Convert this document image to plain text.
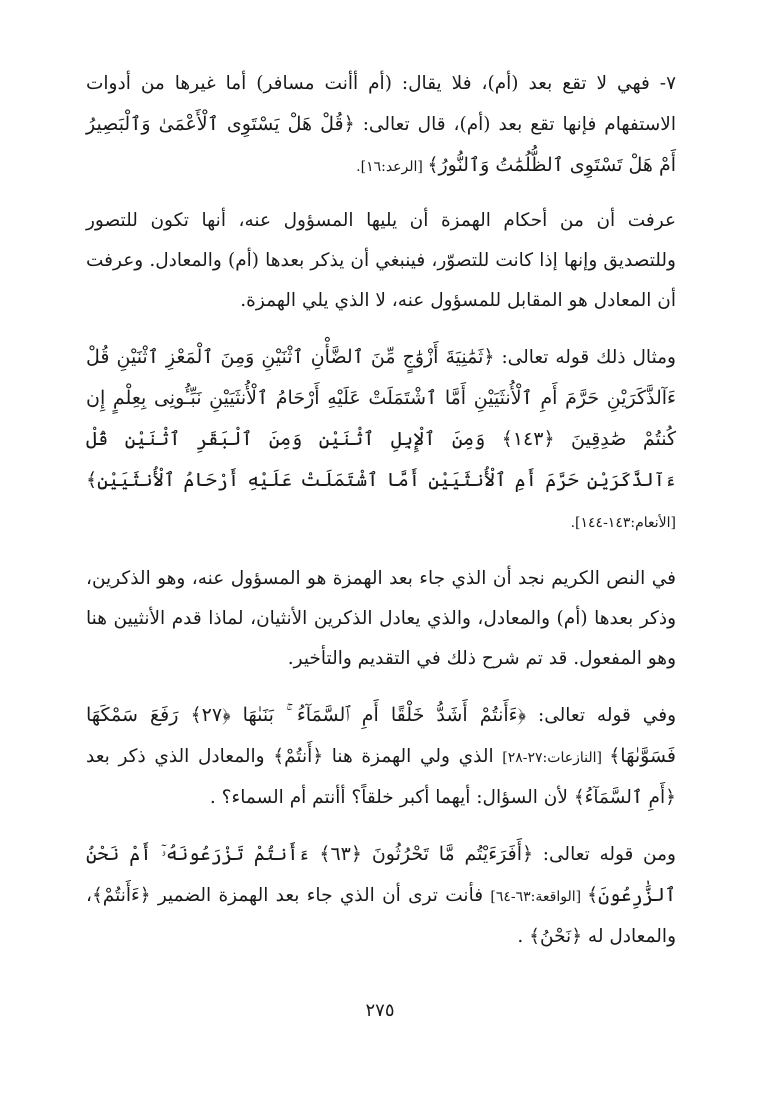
٧- فهي لا تقع بعد (أم)، فلا يقال: (أم أأنت مسافر) أما غيرها من أدوات الاستفهام فإنها تقع بعد (أم)، قال تعالى: ﴿قُلْ هَلْ يَسْتَوِى ٱلْأَعْمَىٰ وَٱلْبَصِيرُ أَمْ هَلْ تَسْتَوِى ٱلظُّلُمَٰتُ وَٱلنُّورُ﴾ [الرعد:١٦].

عرفت أن من أحكام الهمزة أن يليها المسؤول عنه، أنها تكون للتصور وللتصديق وإنها إذا كانت للتصوّر، فينبغي أن يذكر بعدها (أم) والمعادل. وعرفت أن المعادل هو المقابل للمسؤول عنه، لا الذي يلي الهمزة.

ومثال ذلك قوله تعالى: ﴿ثَمَٰنِيَةَ أَزْوَٰجٍ مِّنَ ٱلضَّأْنِ ٱثْنَيْنِ وَمِنَ ٱلْمَعْزِ ٱثْنَيْنِ قُلْ ءَآلذَّكَرَيْنِ حَرَّمَ أَمِ ٱلْأُنثَيَيْنِ أَمَّا ٱشْتَمَلَتْ عَلَيْهِ أَرْحَامُ ٱلْأُنثَيَيْنِ نَبِّـُٔونِى بِعِلْمٍ إِن كُنتُمْ صَٰدِقِينَ ﴿١٤٣﴾ وَمِنَ ٱلْإِبِلِ ٱثْنَيْنِ وَمِنَ ٱلْبَقَرِ ٱثْنَيْنِ قُلْ ءَآلذَّكَرَيْنِ حَرَّمَ أَمِ ٱلْأُنثَيَيْنِ أَمَّا ٱشْتَمَلَتْ عَلَيْهِ أَرْحَامُ ٱلْأُنثَيَيْنِ﴾ [الأنعام:١٤٣-١٤٤].

في النص الكريم نجد أن الذي جاء بعد الهمزة هو المسؤول عنه، وهو الذكرين، وذكر بعدها (أم) والمعادل، والذي يعادل الذكرين الأنثيان، لماذا قدم الأنثيين هنا وهو المفعول. قد تم شرح ذلك في التقديم والتأخير.

وفي قوله تعالى: ﴿ءَأَنتُمْ أَشَدُّ خَلْقًا أَمِ ٱلسَّمَآءُ ۚ بَنَىٰهَا ﴿٢٧﴾ رَفَعَ سَمْكَهَا فَسَوَّىٰهَا﴾ [النازعات:٢٧-٢٨] الذي ولي الهمزة هنا ﴿أَنتُمْ﴾ والمعادل الذي ذكر بعد ﴿أَمِ ٱلسَّمَآءُ﴾ لأن السؤال: أيهما أكبر خلقاً؟ أأنتم أم السماء؟ .

ومن قوله تعالى: ﴿أَفَرَءَيْتُم مَّا تَحْرُثُونَ ﴿٦٣﴾ ءَأَنتُمْ تَزْرَعُونَهُۥٓ أَمْ نَحْنُ ٱلزَّٰرِعُونَ﴾ [الواقعة:٦٣-٦٤] فأنت ترى أن الذي جاء بعد الهمزة الضمير ﴿ءَأَنتُمْ﴾، والمعادل له ﴿نَحْنُ﴾ .

٢٧٥
